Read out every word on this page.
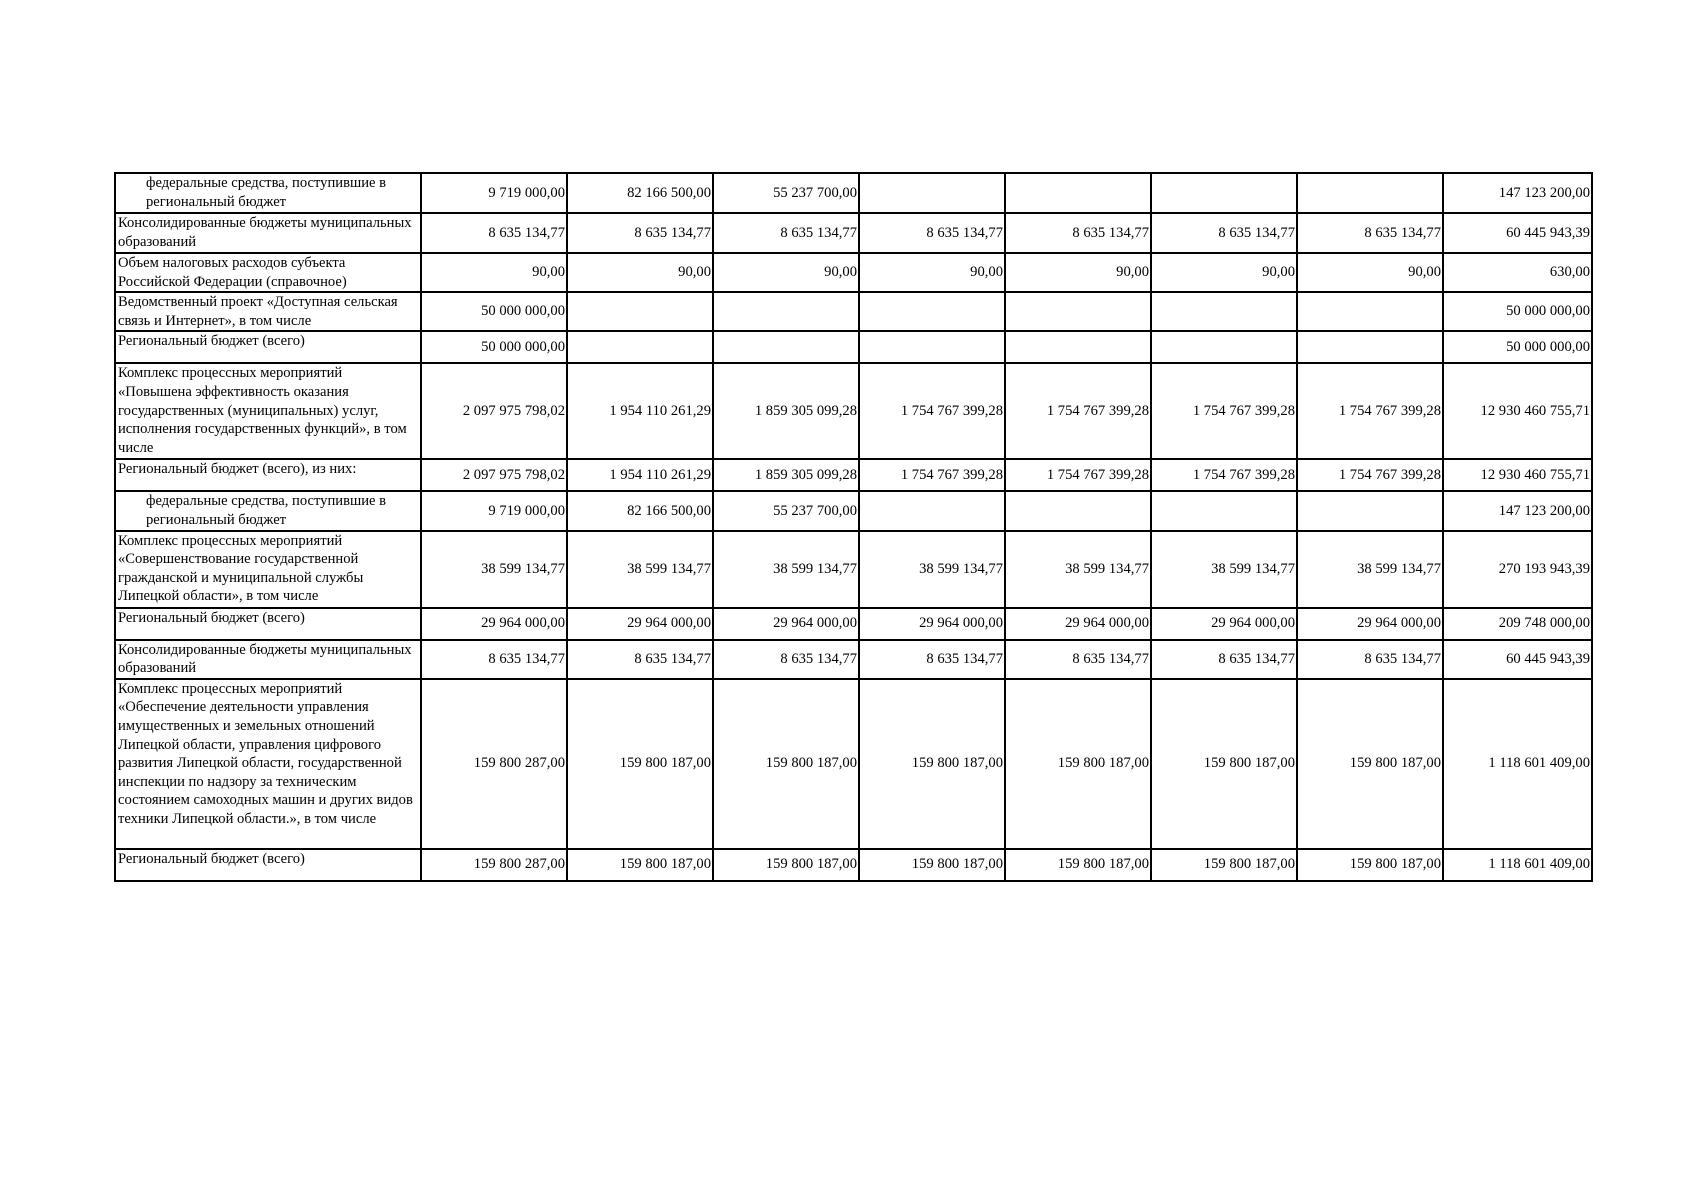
федеральные средства, поступившие в региональный бюджет	9 719 000,00	82 166 500,00	55 237 700,00					147 123 200,00
Консолидированные бюджеты муниципальных образований	8 635 134,77	8 635 134,77	8 635 134,77	8 635 134,77	8 635 134,77	8 635 134,77	8 635 134,77	60 445 943,39
Объем налоговых расходов субъекта Российской Федерации (справочное)	90,00	90,00	90,00	90,00	90,00	90,00	90,00	630,00
Ведомственный проект «Доступная сельская связь и Интернет», в том числе	50 000 000,00							50 000 000,00
Региональный бюджет (всего)	50 000 000,00							50 000 000,00
Комплекс процессных мероприятий «Повышена эффективность оказания государственных (муниципальных) услуг, исполнения государственных функций», в том числе	2 097 975 798,02	1 954 110 261,29	1 859 305 099,28	1 754 767 399,28	1 754 767 399,28	1 754 767 399,28	1 754 767 399,28	12 930 460 755,71
Региональный бюджет (всего), из них:	2 097 975 798,02	1 954 110 261,29	1 859 305 099,28	1 754 767 399,28	1 754 767 399,28	1 754 767 399,28	1 754 767 399,28	12 930 460 755,71
федеральные средства, поступившие в региональный бюджет	9 719 000,00	82 166 500,00	55 237 700,00					147 123 200,00
Комплекс процессных мероприятий «Совершенствование государственной гражданской и муниципальной службы Липецкой области», в том числе	38 599 134,77	38 599 134,77	38 599 134,77	38 599 134,77	38 599 134,77	38 599 134,77	38 599 134,77	270 193 943,39
Региональный бюджет (всего)	29 964 000,00	29 964 000,00	29 964 000,00	29 964 000,00	29 964 000,00	29 964 000,00	29 964 000,00	209 748 000,00
Консолидированные бюджеты муниципальных образований	8 635 134,77	8 635 134,77	8 635 134,77	8 635 134,77	8 635 134,77	8 635 134,77	8 635 134,77	60 445 943,39
Комплекс процессных мероприятий «Обеспечение деятельности управления имущественных и земельных отношений Липецкой области, управления цифрового развития Липецкой области, государственной инспекции по надзору за техническим состоянием самоходных машин и других видов техники Липецкой области.», в том числе	159 800 287,00	159 800 187,00	159 800 187,00	159 800 187,00	159 800 187,00	159 800 187,00	159 800 187,00	1 118 601 409,00
Региональный бюджет (всего)	159 800 287,00	159 800 187,00	159 800 187,00	159 800 187,00	159 800 187,00	159 800 187,00	159 800 187,00	1 118 601 409,00
